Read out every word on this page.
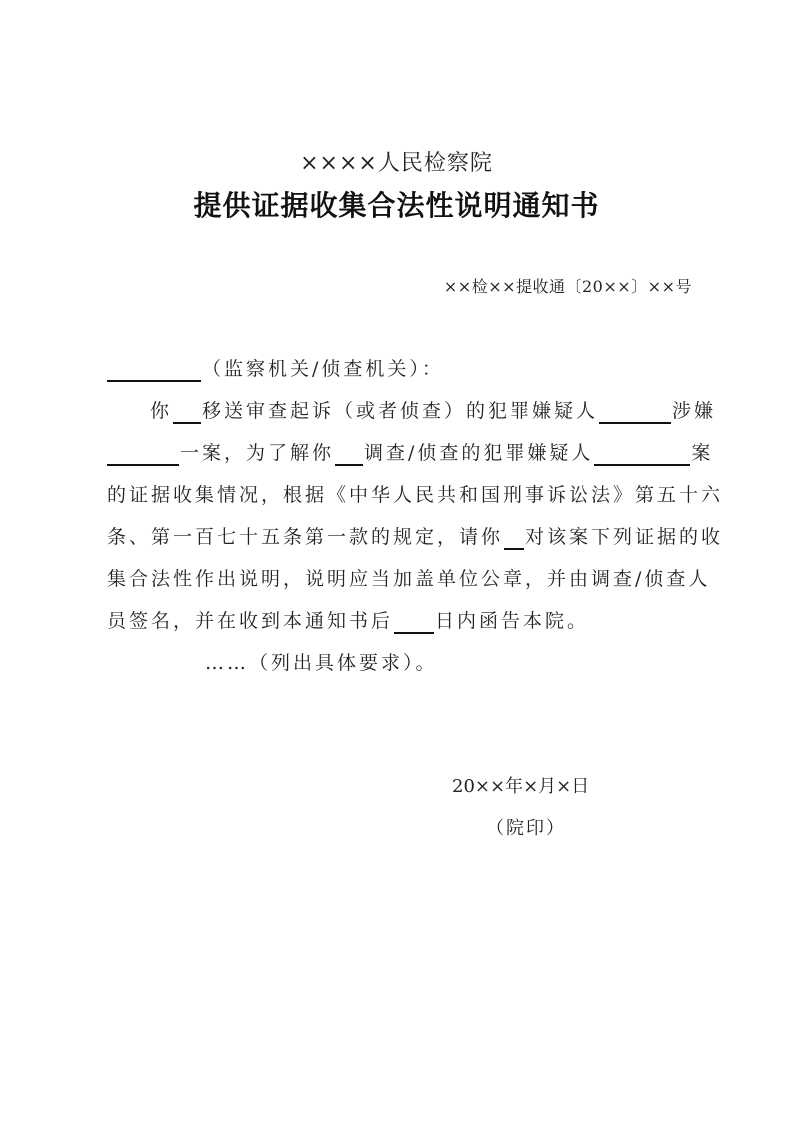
××××人民检察院
提供证据收集合法性说明通知书
××检××提收通〔20××〕××号
（监察机关/侦查机关）：
你 移送审查起诉（或者侦查）的犯罪嫌疑人	涉嫌
一案，为了解你 调查/侦查的犯罪嫌疑人	案
的证据收集情况，根据《中华人民共和国刑事诉讼法》第五十六
条、第一百七十五条第一款的规定，请你 对该案下列证据的收
集合法性作出说明，说明应当加盖单位公章，并由调查/侦查人
员签名，并在收到本通知书后 日内函告本院。
……（列出具体要求）。
20××年×月×日
（院印）
